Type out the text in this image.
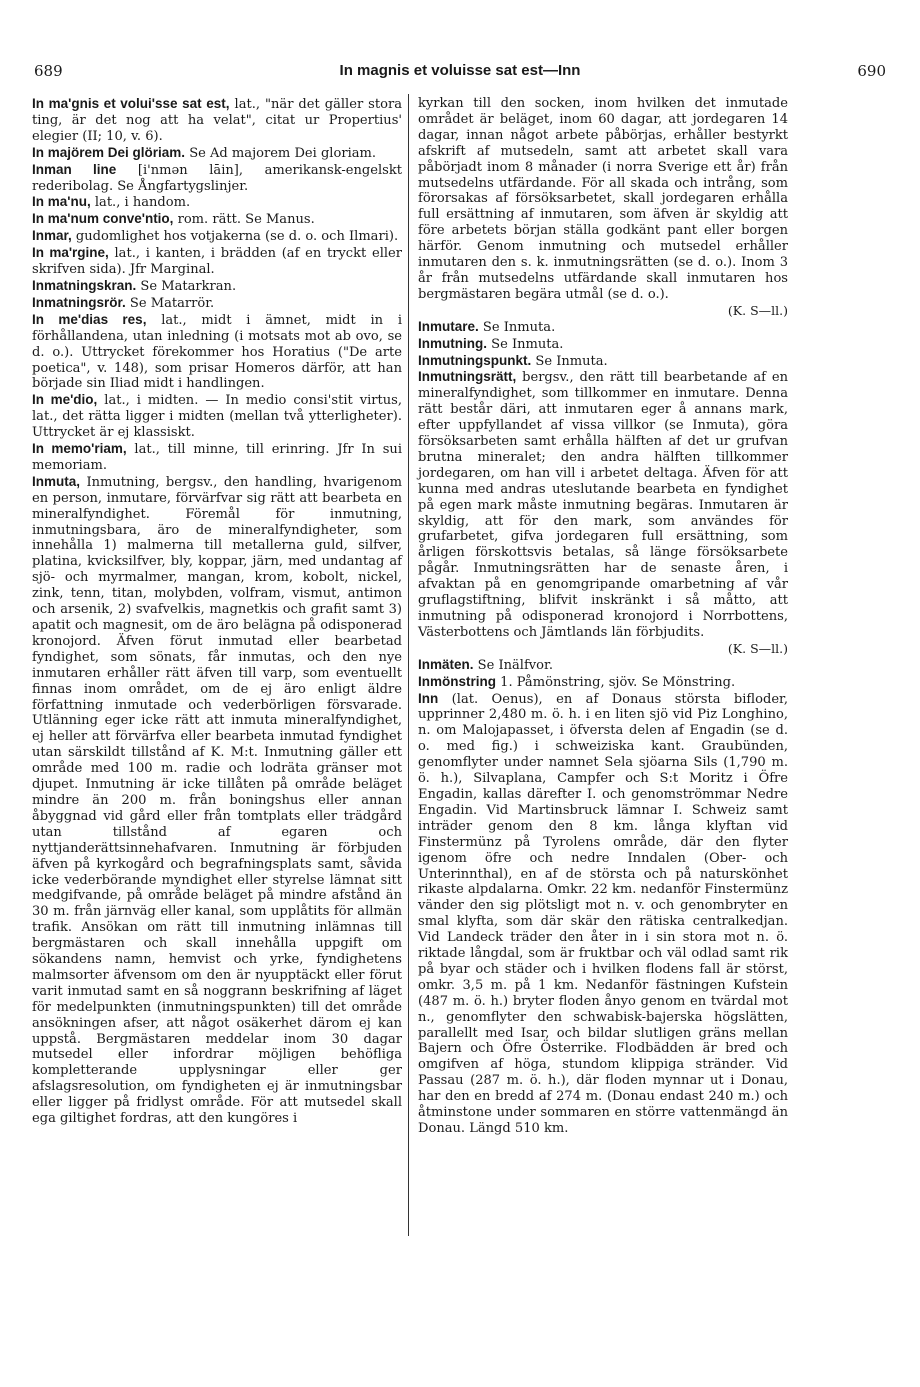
689	In magnis et voluisse sat est—Inn	690

In ma'gnis et volui'sse sat est, lat., "när det gäller stora ting, är det nog att ha velat", citat ur Propertius' elegier (II; 10, v. 6).

In majörem Dei glöriam. Se Ad majorem Dei gloriam.

Inman line [i'nmən lāin], amerikansk-engelskt rederibolag. Se Ångfartygslinjer.

In ma'nu, lat., i handom.

In ma'num conve'ntio, rom. rätt. Se Manus.

Inmar, gudomlighet hos votjakerna (se d. o. och Ilmari).

In ma'rgine, lat., i kanten, i brädden (af en tryckt eller skrifven sida). Jfr Marginal.

Inmatningskran. Se Matarkran.

Inmatningsrör. Se Matarrör.

In me'dias res, lat., midt i ämnet, midt in i förhållandena, utan inledning (i motsats mot ab ovo, se d. o.). Uttrycket förekommer hos Horatius ("De arte poetica", v. 148), som prisar Homeros därför, att han började sin Iliad midt i handlingen.

In me'dio, lat., i midten. — In medio consi'stit virtus, lat., det rätta ligger i midten (mellan två ytterligheter). Uttrycket är ej klassiskt.

In memo'riam, lat., till minne, till erinring. Jfr In sui memoriam.

Inmuta, Inmutning, bergsv., den handling, hvarigenom en person, inmutare, förvärfvar sig rätt att bearbeta en mineralfyndighet. Föremål för inmutning, inmutningsbara, äro de mineralfyndigheter, som innehålla 1) malmerna till metallerna guld, silfver, platina, kvicksilfver, bly, koppar, järn, med undantag af sjö- och myrmalmer, mangan, krom, kobolt, nickel, zink, tenn, titan, molybden, volfram, vismut, antimon och arsenik, 2) svafvelkis, magnetkis och grafit samt 3) apatit och magnesit, om de äro belägna på odisponerad kronojord. Äfven förut inmutad eller bearbetad fyndighet, som sönats, får inmutas, och den nye inmutaren erhåller rätt äfven till varp, som eventuellt finnas inom området, om de ej äro enligt äldre författning inmutade och vederbörligen försvarade. Utlänning eger icke rätt att inmuta mineralfyndighet, ej heller att förvärfva eller bearbeta inmutad fyndighet utan särskildt tillstånd af K. M:t. Inmutning gäller ett område med 100 m. radie och lodräta gränser mot djupet. Inmutning är icke tillåten på område beläget mindre än 200 m. från boningshus eller annan åbyggnad vid gård eller från tomtplats eller trädgård utan tillstånd af egaren och nyttjanderättsinnehafvaren. Inmutning är förbjuden äfven på kyrkogård och begrafningsplats samt, såvida icke vederbörande myndighet eller styrelse lämnat sitt medgifvande, på område beläget på mindre afstånd än 30 m. från järnväg eller kanal, som upplåtits för allmän trafik. Ansökan om rätt till inmutning inlämnas till bergmästaren och skall innehålla uppgift om sökandens namn, hemvist och yrke, fyndighetens malmsorter äfvensom om den är nyupptäckt eller förut varit inmutad samt en så noggrann beskrifning af läget för medelpunkten (inmutningspunkten) till det område ansökningen afser, att något osäkerhet därom ej kan uppstå. Bergmästaren meddelar inom 30 dagar mutsedel eller infordrar möjligen behöfliga kompletterande upplysningar eller ger afslagsresolution, om fyndigheten ej är inmutningsbar eller ligger på fridlyst område. För att mutsedel skall ega giltighet fordras, att den kungöres i

kyrkan till den socken, inom hvilken det inmutade området är beläget, inom 60 dagar, att jordegaren 14 dagar, innan något arbete påbörjas, erhåller bestyrkt afskrift af mutsedeln, samt att arbetet skall vara påbörjadt inom 8 månader (i norra Sverige ett år) från mutsedelns utfärdande. För all skada och intrång, som förorsakas af försöksarbetet, skall jordegaren erhålla full ersättning af inmutaren, som äfven är skyldig att före arbetets början ställa godkänt pant eller borgen härför. Genom inmutning och mutsedel erhåller inmutaren den s. k. inmutningsrätten (se d. o.). Inom 3 år från mutsedelns utfärdande skall inmutaren hos bergmästaren begära utmål (se d. o.).
(K. S—ll.)

Inmutare. Se Inmuta.

Inmutning. Se Inmuta.

Inmutningspunkt. Se Inmuta.

Inmutningsrätt, bergsv., den rätt till bearbetande af en mineralfyndighet, som tillkommer en inmutare. Denna rätt består däri, att inmutaren eger å annans mark, efter uppfyllandet af vissa villkor (se Inmuta), göra försöksarbeten samt erhålla hälften af det ur grufvan brutna mineralet; den andra hälften tillkommer jordegaren, om han vill i arbetet deltaga. Äfven för att kunna med andras uteslutande bearbeta en fyndighet på egen mark måste inmutning begäras. Inmutaren är skyldig, att för den mark, som användes för grufarbetet, gifva jordegaren full ersättning, som årligen förskottsvis betalas, så länge försöksarbete pågår. Inmutningsrätten har de senaste åren, i afvaktan på en genomgripande omarbetning af vår gruflagstiftning, blifvit inskränkt i så måtto, att inmutning på odisponerad kronojord i Norrbottens, Västerbottens och Jämtlands län förbjudits.
(K. S—ll.)

Inmäten. Se Inälfvor.

Inmönstring 1. Påmönstring, sjöv. Se Mönstring.

Inn (lat. Oenus), en af Donaus största bifloder, upprinner 2,480 m. ö. h. i en liten sjö vid Piz Longhino, n. om Malojapasset, i öfversta delen af Engadin (se d. o. med fig.) i schweiziska kant. Graubünden, genomflyter under namnet Sela sjöarna Sils (1,790 m. ö. h.), Silvaplana, Campfer och S:t Moritz i Öfre Engadin, kallas därefter I. och genomströmmar Nedre Engadin. Vid Martinsbruck lämnar I. Schweiz samt inträder genom den 8 km. långa klyftan vid Finstermünz på Tyrolens område, där den flyter igenom öfre och nedre Inndalen (Ober- och Unterinnthal), en af de största och på naturskönhet rikaste alpdalarna. Omkr. 22 km. nedanför Finstermünz vänder den sig plötsligt mot n. v. och genombryter en smal klyfta, som där skär den rätiska centralkedjan. Vid Landeck träder den åter in i sin stora mot n. ö. riktade långdal, som är fruktbar och väl odlad samt rik på byar och städer och i hvilken flodens fall är störst, omkr. 3,5 m. på 1 km. Nedanför fästningen Kufstein (487 m. ö. h.) bryter floden ånyo genom en tvärdal mot n., genomflyter den schwabisk-bajerska högslätten, parallellt med Isar, och bildar slutligen gräns mellan Bajern och Öfre Österrike. Flodbädden är bred och omgifven af höga, stundom klippiga stränder. Vid Passau (287 m. ö. h.), där floden mynnar ut i Donau, har den en bredd af 274 m. (Donau endast 240 m.) och åtminstone under sommaren en större vattenmängd än Donau. Längd 510 km.
